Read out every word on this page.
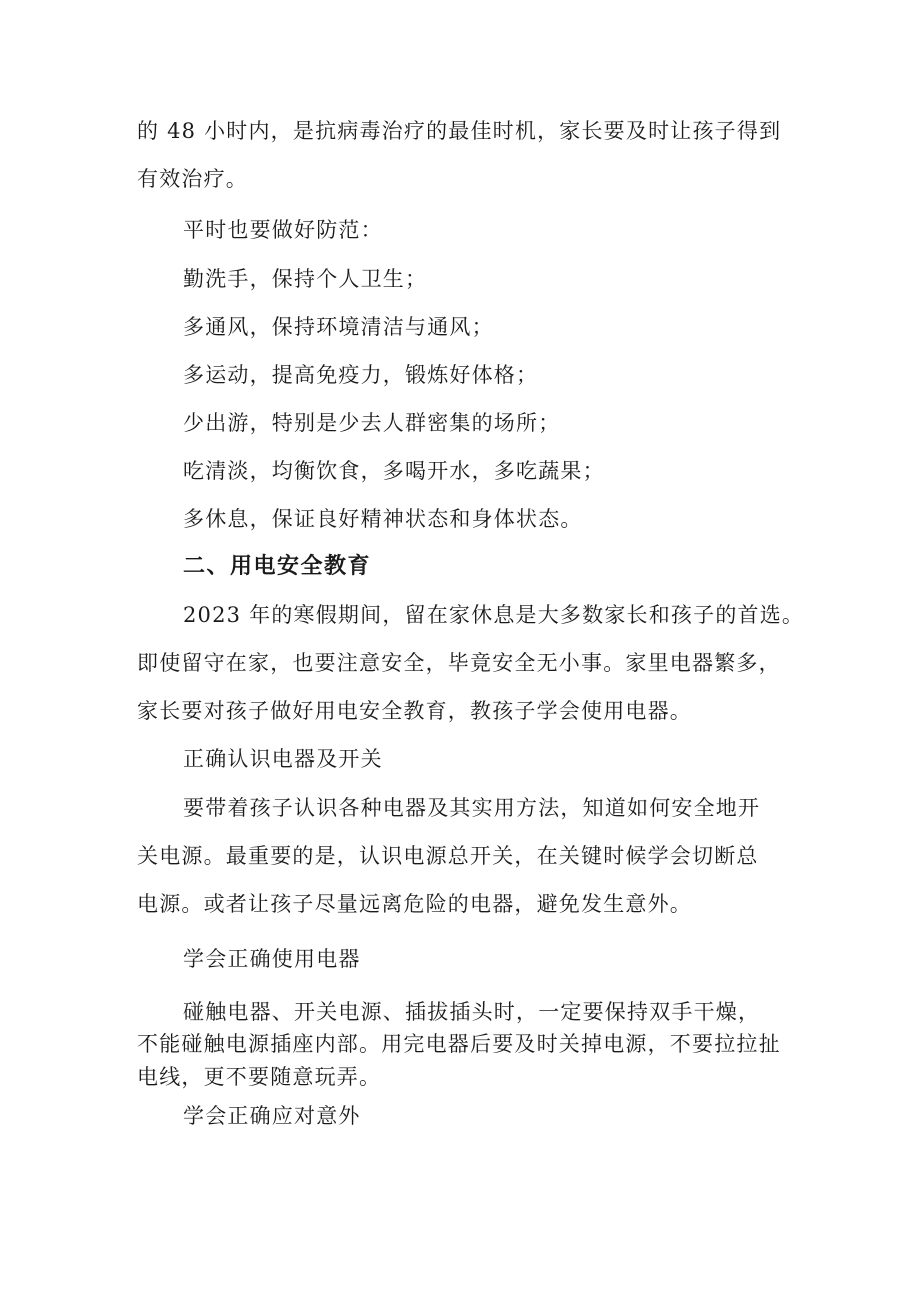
的 48 小时内，是抗病毒治疗的最佳时机，家长要及时让孩子得到
有效治疗。
平时也要做好防范：
勤洗手，保持个人卫生；
多通风，保持环境清洁与通风；
多运动，提高免疫力，锻炼好体格；
少出游，特别是少去人群密集的场所；
吃清淡，均衡饮食，多喝开水，多吃蔬果；
多休息，保证良好精神状态和身体状态。
二、用电安全教育
2023 年的寒假期间，留在家休息是大多数家长和孩子的首选。
即使留守在家，也要注意安全，毕竟安全无小事。家里电器繁多，
家长要对孩子做好用电安全教育，教孩子学会使用电器。
正确认识电器及开关
要带着孩子认识各种电器及其实用方法，知道如何安全地开
关电源。最重要的是，认识电源总开关，在关键时候学会切断总
电源。或者让孩子尽量远离危险的电器，避免发生意外。
学会正确使用电器
碰触电器、开关电源、插拔插头时，一定要保持双手干燥，
不能碰触电源插座内部。用完电器后要及时关掉电源，不要拉拉扯
电线，更不要随意玩弄。
学会正确应对意外
